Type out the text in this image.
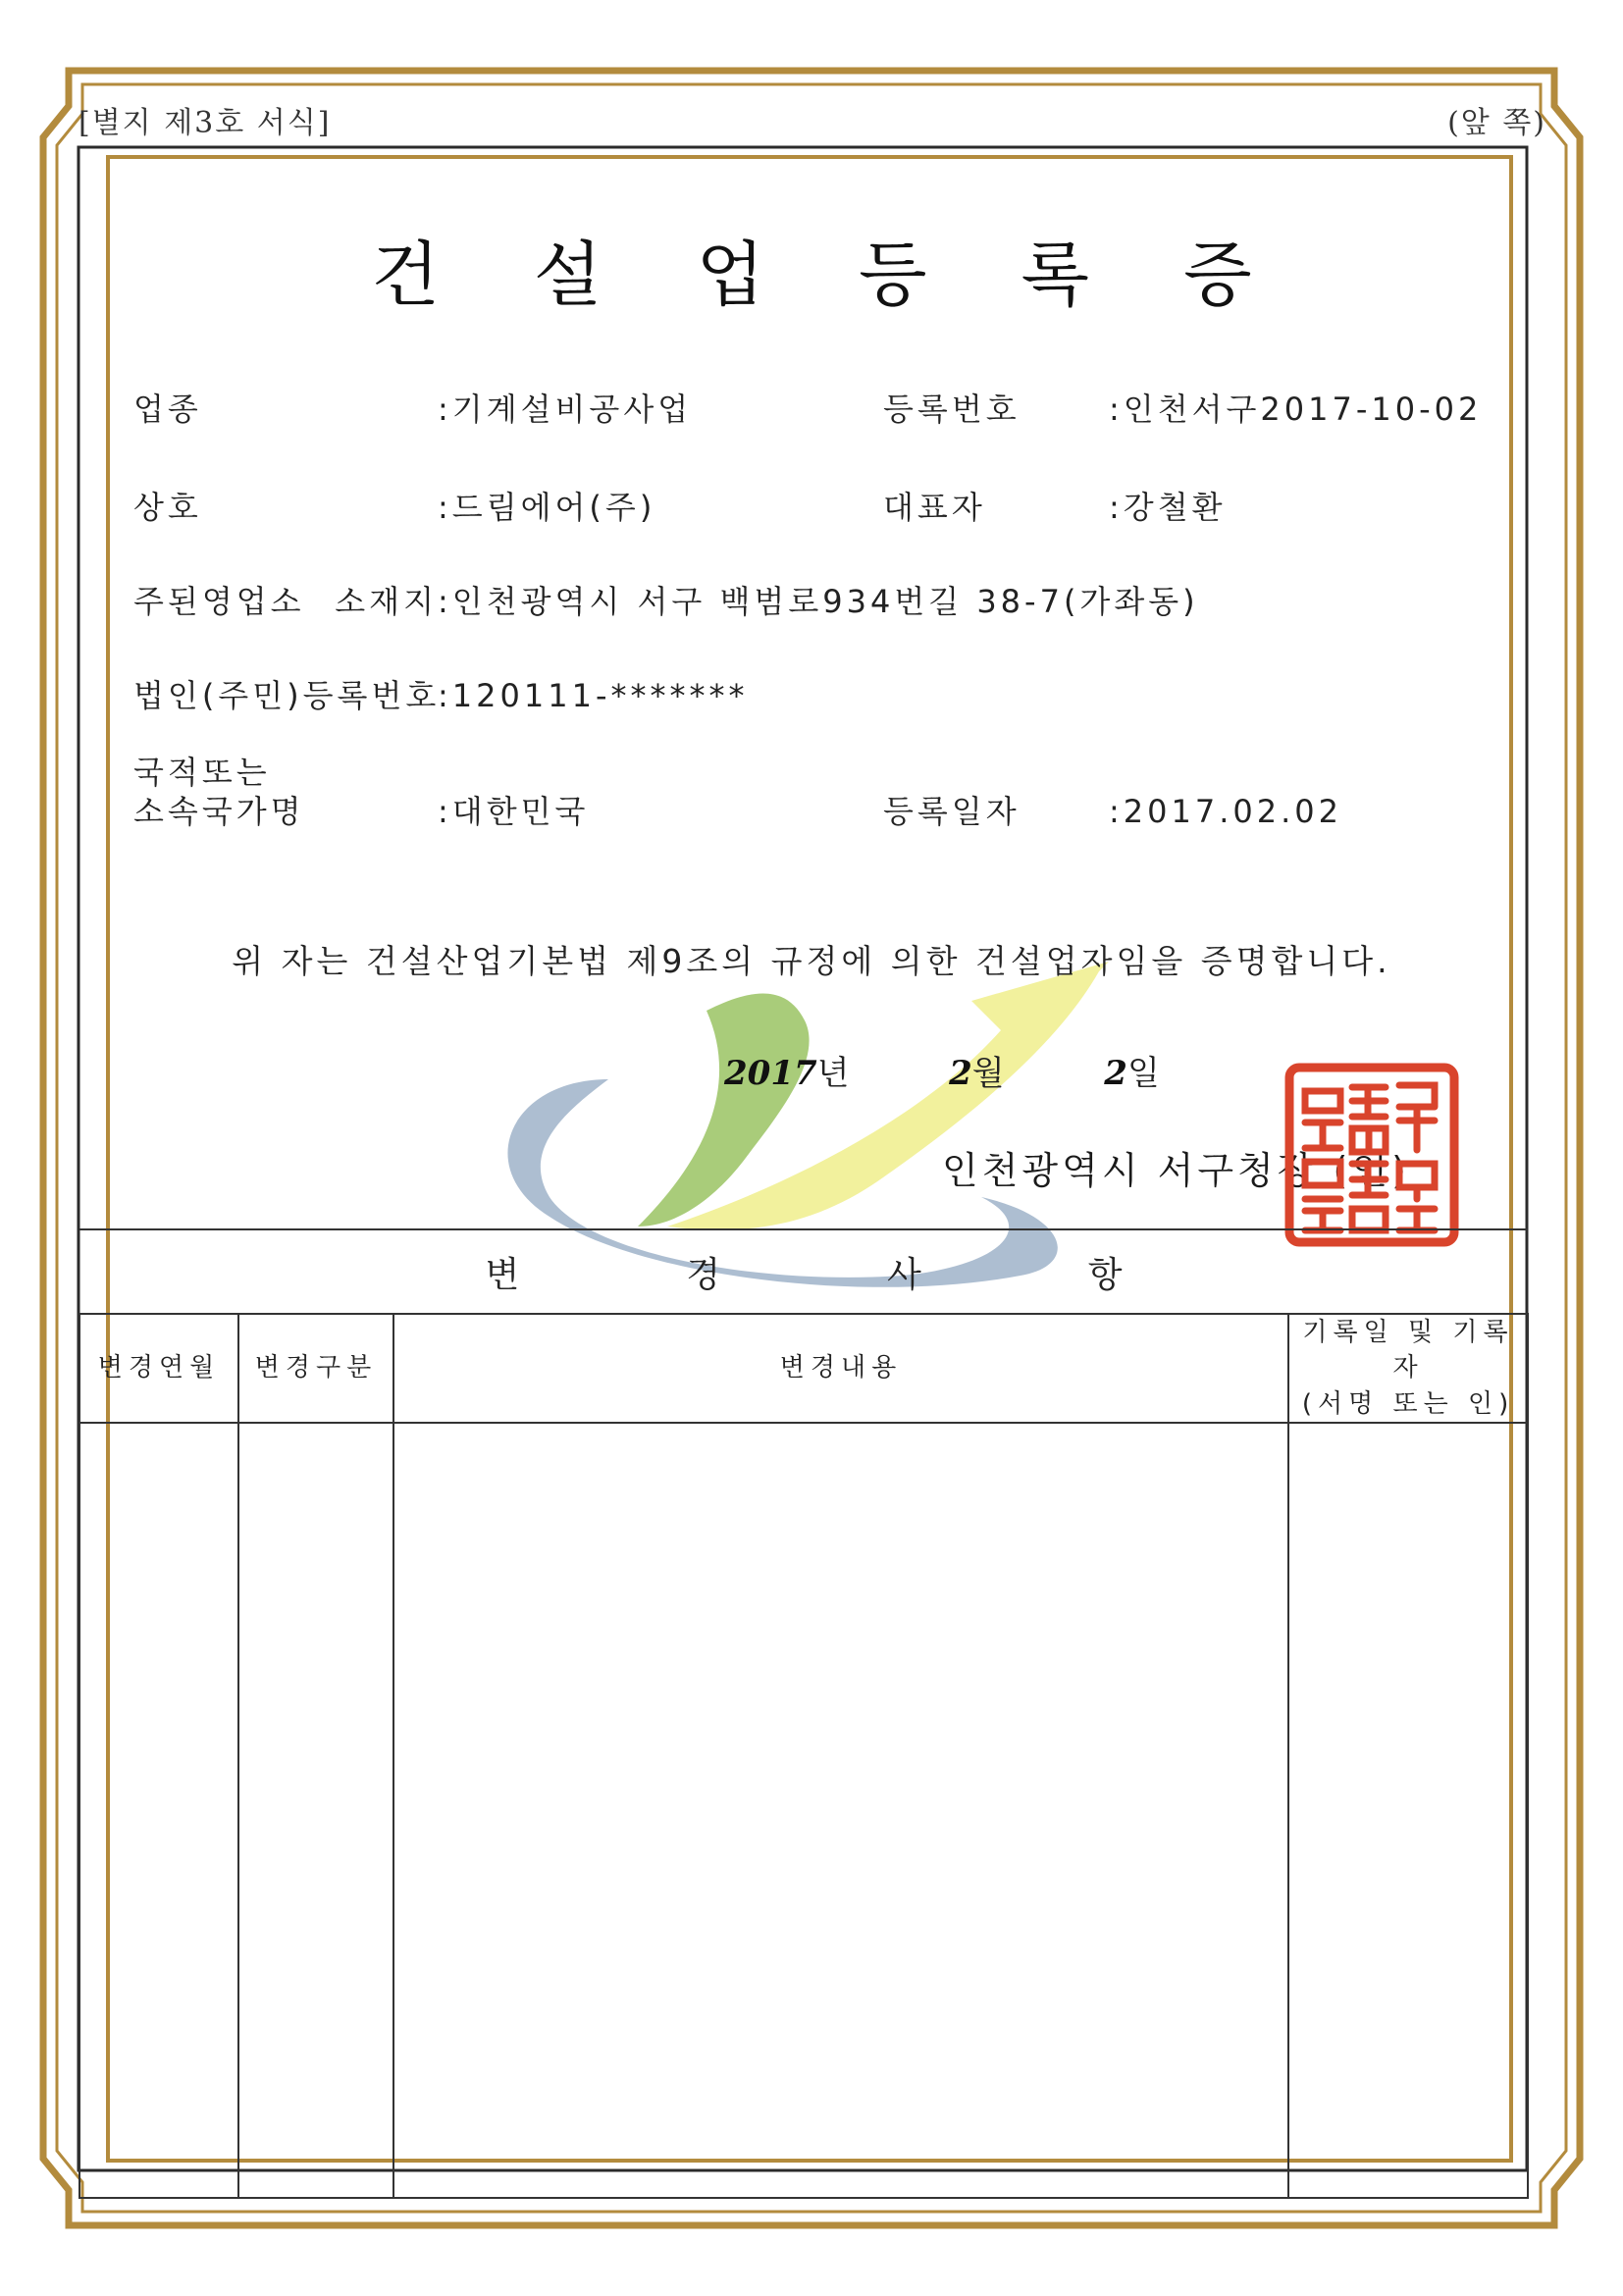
[별지 제3호 서식]	(앞 쪽)
건설업등록증
업종	:기계설비공사업	등록번호	:인천서구2017-10-02
상호	:드림에어(주)	대표자	:강철환
주된영업소 소재지:인천광역시 서구 백범로934번길 38-7(가좌동)
법인(주민)등록번호:120111-*******
국적또는
소속국가명	:대한민국	등록일자	:2017.02.02
위 자는 건설산업기본법 제9조의 규정에 의한 건설업자임을 증명합니다.
2017년	2월	2일
인천광역시 서구청장 (인)
변경사항			
변경연월	변경구분	변경내용	기록일 및 기록자
(서명 또는 인)
